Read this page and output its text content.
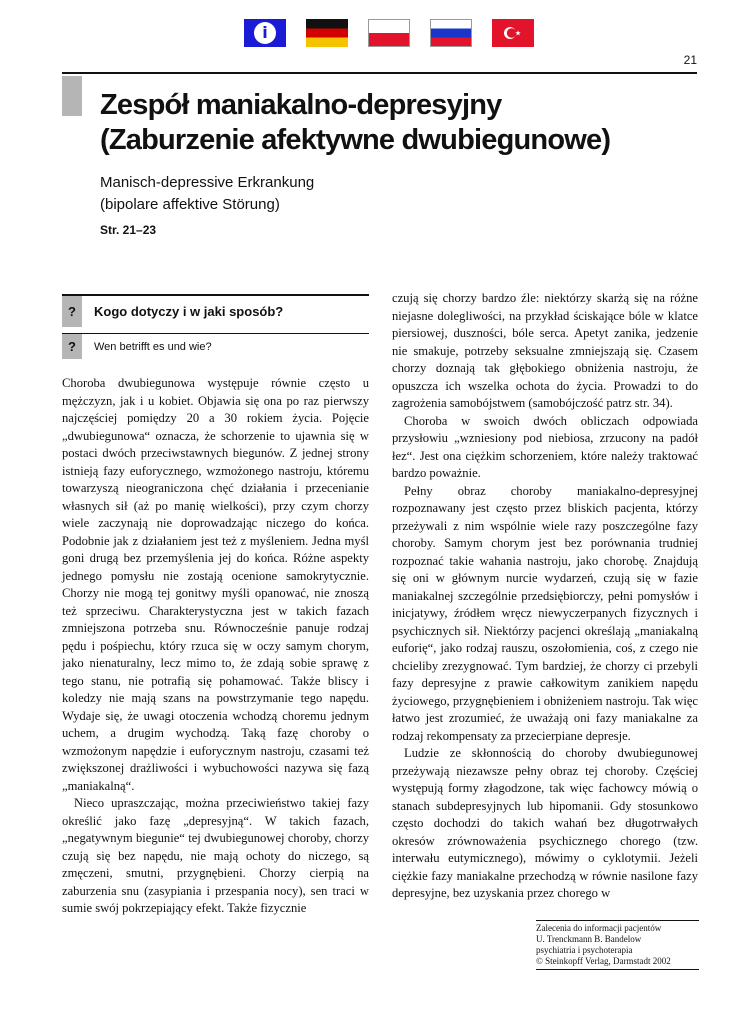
i
21
Zespół maniakalno-depresyjny
(Zaburzenie afektywne dwubiegunowe)
Manisch-depressive Erkrankung
(bipolare affektive Störung)
Str. 21–23
?	Kogo dotyczy i w jaki sposób?
?	Wen betrifft es und wie?

Choroba dwubiegunowa występuje równie często u mężczyzn, jak i u kobiet. Objawia się ona po raz pierwszy najczęściej pomiędzy 20 a 30 rokiem życia. Pojęcie „dwubiegunowa“ oznacza, że schorzenie to ujawnia się w postaci dwóch przeciwstawnych biegunów. Z jednej strony istnieją fazy euforycznego, wzmożonego nastroju, któremu towarzyszą nieograniczona chęć działania i przecenianie własnych sił (aż po manię wielkości), przy czym chorzy wiele zaczynają nie doprowadzając niczego do końca. Podobnie jak z działaniem jest też z myśleniem. Jedna myśl goni drugą bez przemyślenia jej do końca. Różne aspekty jednego pomysłu nie zostają ocenione samokrytycznie. Chorzy nie mogą tej gonitwy myśli opanować, nie znoszą też sprzeciwu. Charakterystyczna jest w takich fazach zmniejszona potrzeba snu. Równocześnie panuje rodzaj pędu i pośpiechu, który rzuca się w oczy samym chorym, jako nienaturalny, lecz mimo to, że zdają sobie sprawę z tego stanu, nie potrafią się pohamować. Także bliscy i koledzy nie mają szans na powstrzymanie tego napędu. Wydaje się, że uwagi otoczenia wchodzą choremu jednym uchem, a drugim wychodzą. Taką fazę choroby o wzmożonym napędzie i euforycznym nastroju, czasami też zwiększonej drażliwości i wybuchowości nazywa się fazą „maniakalną“.

Nieco upraszczając, można przeciwieństwo takiej fazy określić jako fazę „depresyjną“. W takich fazach, „negatywnym biegunie“ tej dwubiegunowej choroby, chorzy czują się bez napędu, nie mają ochoty do niczego, są zmęczeni, smutni, przygnębieni. Chorzy cierpią na zaburzenia snu (zasypiania i przespania nocy), sen traci w sumie swój pokrzepiający efekt. Także fizycznie

czują się chorzy bardzo źle: niektórzy skarżą się na różne niejasne dolegliwości, na przykład ściskające bóle w klatce piersiowej, duszności, bóle serca. Apetyt zanika, jedzenie nie smakuje, potrzeby seksualne zmniejszają się. Czasem chorzy doznają tak głębokiego obniżenia nastroju, że opuszcza ich wszelka ochota do życia. Prowadzi to do zagrożenia samobójstwem (samobójczość patrz str. 34).

Choroba w swoich dwóch obliczach odpowiada przysłowiu „wzniesiony pod niebiosa, zrzucony na padół łez“. Jest ona ciężkim schorzeniem, które należy traktować bardzo poważnie.

Pełny obraz choroby maniakalno-depresyjnej rozpoznawany jest często przez bliskich pacjenta, którzy przeżywali z nim wspólnie wiele razy poszczególne fazy choroby. Samym chorym jest bez porównania trudniej rozpoznać takie wahania nastroju, jako chorobę. Znajdują się oni w głównym nurcie wydarzeń, czują się w fazie maniakalnej szczególnie przedsiębiorczy, pełni pomysłów i inicjatywy, źródłem wręcz niewyczerpanych fizycznych i psychicznych sił. Niektórzy pacjenci określają „maniakalną euforię“, jako rodzaj rauszu, oszołomienia, coś, z czego nie chcieliby zrezygnować. Tym bardziej, że chorzy ci przebyli fazy depresyjne z prawie całkowitym zanikiem napędu życiowego, przygnębieniem i obniżeniem nastroju. Tak więc łatwo jest zrozumieć, że uważają oni fazy maniakalne za rodzaj rekompensaty za przecierpiane depresje.

Ludzie ze skłonnością do choroby dwubiegunowej przeżywają niezawsze pełny obraz tej choroby. Częściej występują formy złagodzone, tak więc fachowcy mówią o stanach subdepresyjnych lub hipomanii. Gdy stosunkowo często dochodzi do takich wahań bez długotrwałych okresów zrównoważenia psychicznego chorego (tzw. interwału eutymicznego), mówimy o cyklotymii. Jeżeli ciężkie fazy maniakalne przechodzą w równie nasilone fazy depresyjne, bez uzyskania przez chorego w

Zalecenia do informacji pacjentów
U. Trenckmann B. Bandelow
psychiatria i psychoterapia
© Steinkopff Verlag, Darmstadt 2002
